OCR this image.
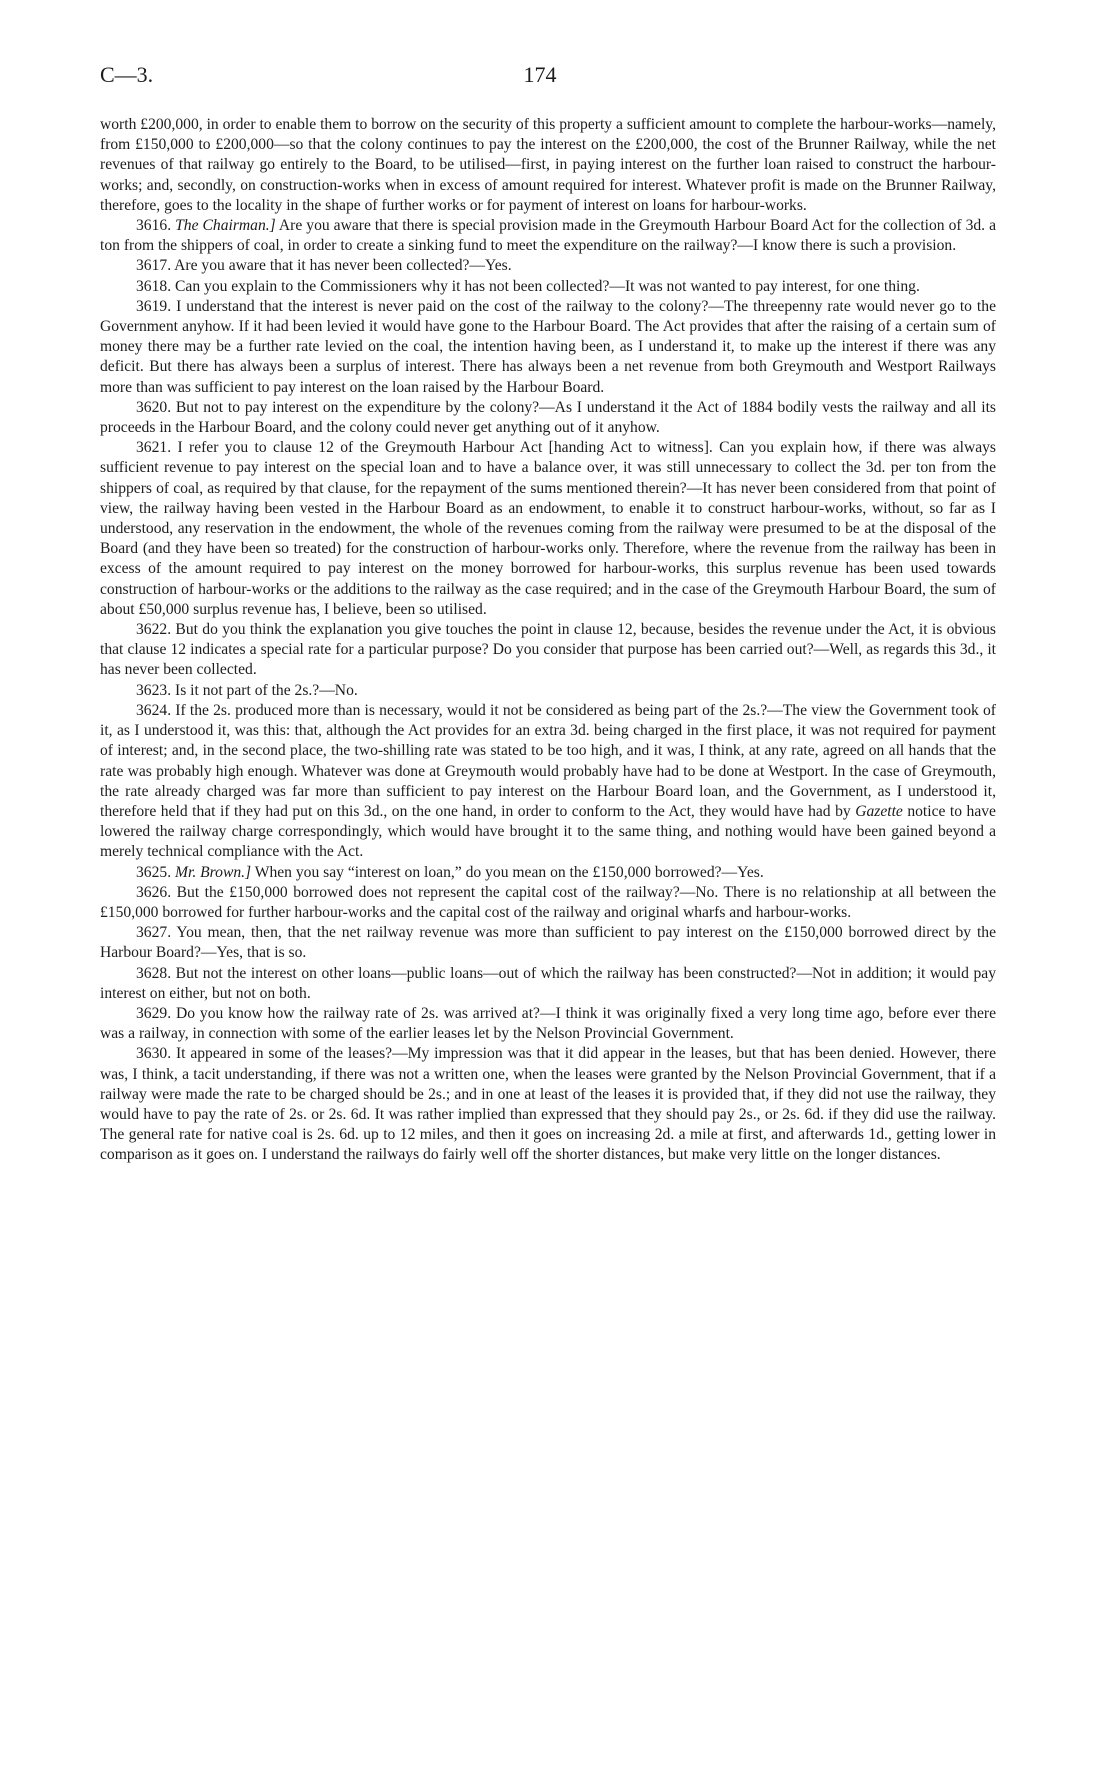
C—3.	174

worth £200,000, in order to enable them to borrow on the security of this property a sufficient amount to complete the harbour-works—namely, from £150,000 to £200,000—so that the colony continues to pay the interest on the £200,000, the cost of the Brunner Railway, while the net revenues of that railway go entirely to the Board, to be utilised—first, in paying interest on the further loan raised to construct the harbour-works; and, secondly, on construction-works when in excess of amount required for interest. Whatever profit is made on the Brunner Railway, therefore, goes to the locality in the shape of further works or for payment of interest on loans for harbour-works.

3616. The Chairman.] Are you aware that there is special provision made in the Greymouth Harbour Board Act for the collection of 3d. a ton from the shippers of coal, in order to create a sinking fund to meet the expenditure on the railway?—I know there is such a provision.

3617. Are you aware that it has never been collected?—Yes.

3618. Can you explain to the Commissioners why it has not been collected?—It was not wanted to pay interest, for one thing.

3619. I understand that the interest is never paid on the cost of the railway to the colony?—The threepenny rate would never go to the Government anyhow. If it had been levied it would have gone to the Harbour Board. The Act provides that after the raising of a certain sum of money there may be a further rate levied on the coal, the intention having been, as I understand it, to make up the interest if there was any deficit. But there has always been a surplus of interest. There has always been a net revenue from both Greymouth and Westport Railways more than was sufficient to pay interest on the loan raised by the Harbour Board.

3620. But not to pay interest on the expenditure by the colony?—As I understand it the Act of 1884 bodily vests the railway and all its proceeds in the Harbour Board, and the colony could never get anything out of it anyhow.

3621. I refer you to clause 12 of the Greymouth Harbour Act [handing Act to witness]. Can you explain how, if there was always sufficient revenue to pay interest on the special loan and to have a balance over, it was still unnecessary to collect the 3d. per ton from the shippers of coal, as required by that clause, for the repayment of the sums mentioned therein?—It has never been considered from that point of view, the railway having been vested in the Harbour Board as an endowment, to enable it to construct harbour-works, without, so far as I understood, any reservation in the endowment, the whole of the revenues coming from the railway were presumed to be at the disposal of the Board (and they have been so treated) for the construction of harbour-works only. Therefore, where the revenue from the railway has been in excess of the amount required to pay interest on the money borrowed for harbour-works, this surplus revenue has been used towards construction of harbour-works or the additions to the railway as the case required; and in the case of the Greymouth Harbour Board, the sum of about £50,000 surplus revenue has, I believe, been so utilised.

3622. But do you think the explanation you give touches the point in clause 12, because, besides the revenue under the Act, it is obvious that clause 12 indicates a special rate for a particular purpose? Do you consider that purpose has been carried out?—Well, as regards this 3d., it has never been collected.

3623. Is it not part of the 2s.?—No.

3624. If the 2s. produced more than is necessary, would it not be considered as being part of the 2s.?—The view the Government took of it, as I understood it, was this: that, although the Act provides for an extra 3d. being charged in the first place, it was not required for payment of interest; and, in the second place, the two-shilling rate was stated to be too high, and it was, I think, at any rate, agreed on all hands that the rate was probably high enough. Whatever was done at Greymouth would probably have had to be done at Westport. In the case of Greymouth, the rate already charged was far more than sufficient to pay interest on the Harbour Board loan, and the Government, as I understood it, therefore held that if they had put on this 3d., on the one hand, in order to conform to the Act, they would have had by Gazette notice to have lowered the railway charge correspondingly, which would have brought it to the same thing, and nothing would have been gained beyond a merely technical compliance with the Act.

3625. Mr. Brown.] When you say “interest on loan,” do you mean on the £150,000 borrowed?—Yes.

3626. But the £150,000 borrowed does not represent the capital cost of the railway?—No. There is no relationship at all between the £150,000 borrowed for further harbour-works and the capital cost of the railway and original wharfs and harbour-works.

3627. You mean, then, that the net railway revenue was more than sufficient to pay interest on the £150,000 borrowed direct by the Harbour Board?—Yes, that is so.

3628. But not the interest on other loans—public loans—out of which the railway has been constructed?—Not in addition; it would pay interest on either, but not on both.

3629. Do you know how the railway rate of 2s. was arrived at?—I think it was originally fixed a very long time ago, before ever there was a railway, in connection with some of the earlier leases let by the Nelson Provincial Government.

3630. It appeared in some of the leases?—My impression was that it did appear in the leases, but that has been denied. However, there was, I think, a tacit understanding, if there was not a written one, when the leases were granted by the Nelson Provincial Government, that if a railway were made the rate to be charged should be 2s.; and in one at least of the leases it is provided that, if they did not use the railway, they would have to pay the rate of 2s. or 2s. 6d. It was rather implied than expressed that they should pay 2s., or 2s. 6d. if they did use the railway. The general rate for native coal is 2s. 6d. up to 12 miles, and then it goes on increasing 2d. a mile at first, and afterwards 1d., getting lower in comparison as it goes on. I understand the railways do fairly well off the shorter distances, but make very little on the longer distances.
